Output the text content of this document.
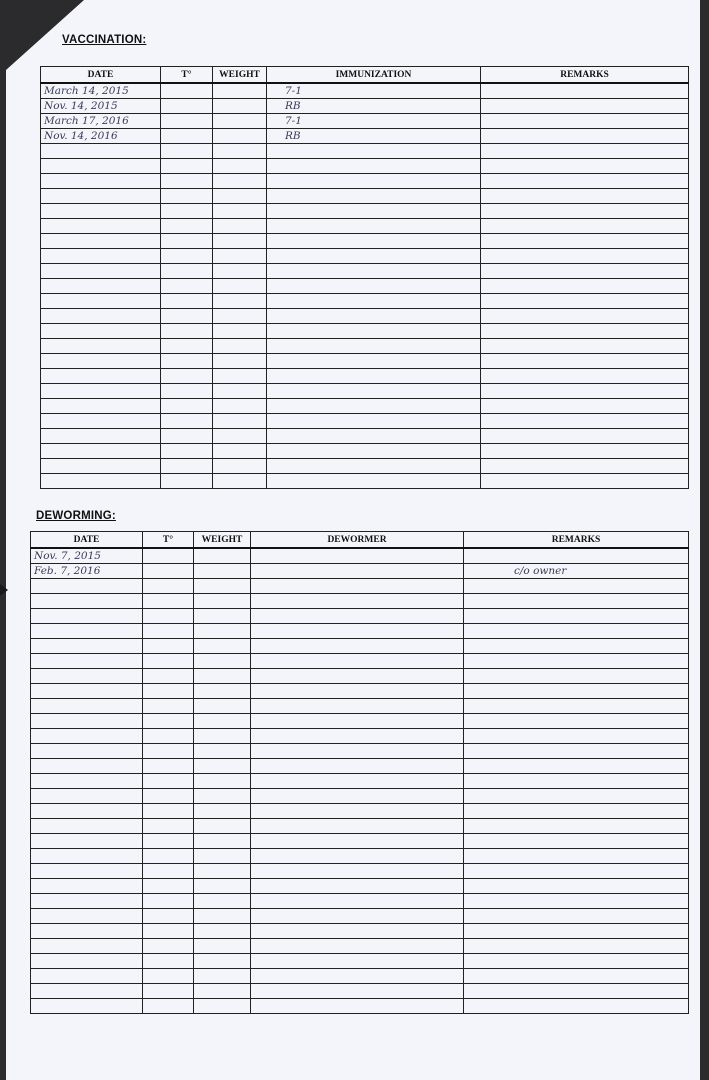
VACCINATION:
DATE	T°	WEIGHT	IMMUNIZATION	REMARKS
March 14, 2015			7-1	
Nov. 14, 2015			RB	
March 17, 2016			7-1	
Nov. 14, 2016			RB	

DEWORMING:
DATE	T°	WEIGHT	DEWORMER	REMARKS
Nov. 7, 2015				
Feb. 7, 2016				c/o owner
